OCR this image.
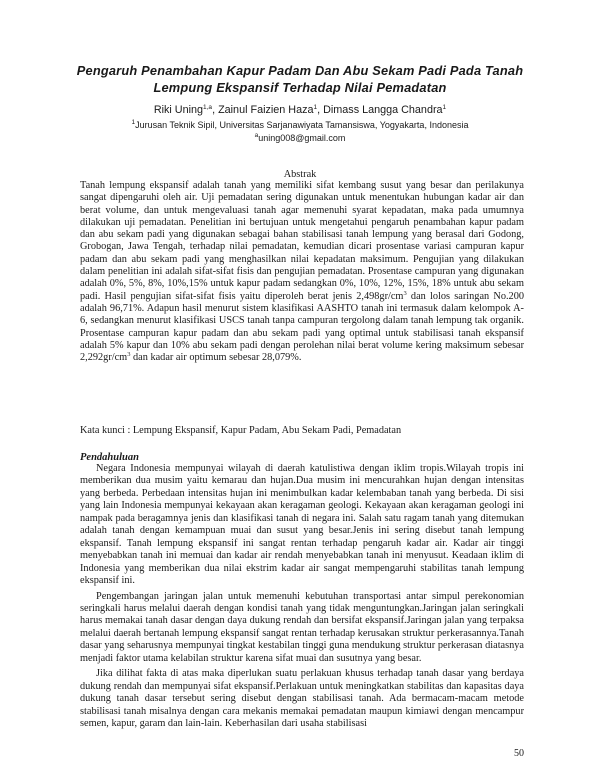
Pengaruh Penambahan Kapur Padam Dan Abu Sekam Padi Pada Tanah
Lempung Ekspansif Terhadap Nilai Pemadatan
Riki Uning$^{1,a}$, Zainul Faizien Haza$^1$, Dimass Langga Chandra$^1$
$^1$Jurusan Teknik Sipil, Universitas Sarjanawiyata Tamansiswa, Yogyakarta, Indonesia
$^a$uning008@gmail.com
Abstrak
Tanah lempung ekspansif adalah tanah yang memiliki sifat kembang susut yang besar dan perilakunya sangat dipengaruhi oleh air. Uji pemadatan sering digunakan untuk menentukan hubungan kadar air dan berat volume, dan untuk mengevaluasi tanah agar memenuhi syarat kepadatan, maka pada umumnya dilakukan uji pemadatan. Penelitian ini bertujuan untuk mengetahui pengaruh penambahan kapur padam dan abu sekam padi yang digunakan sebagai bahan stabilisasi tanah lempung yang berasal dari Godong, Grobogan, Jawa Tengah, terhadap nilai pemadatan, kemudian dicari prosentase variasi campuran kapur padam dan abu sekam padi yang menghasilkan nilai kepadatan maksimum. Pengujian yang dilakukan dalam penelitian ini adalah sifat-sifat fisis dan pengujian pemadatan. Prosentase campuran yang digunakan adalah 0%, 5%, 8%, 10%,15% untuk kapur padam sedangkan 0%, 10%, 12%, 15%, 18% untuk abu sekam padi. Hasil pengujian sifat-sifat fisis yaitu diperoleh berat jenis $2,498gr/cm^3$ dan lolos saringan No.200 adalah 96,71%. Adapun hasil menurut sistem klasifikasi AASHTO tanah ini termasuk dalam kelompok A-6, sedangkan menurut klasifikasi USCS tanah tanpa campuran tergolong dalam tanah lempung tak organik. Prosentase campuran kapur padam dan abu sekam padi yang optimal untuk stabilisasi tanah ekspansif adalah 5% kapur dan 10% abu sekam padi dengan perolehan nilai berat volume kering maksimum sebesar $2,292gr/cm^3$ dan kadar air optimum sebesar 28,079%.
Kata kunci : Lempung Ekspansif, Kapur Padam, Abu Sekam Padi, Pemadatan
Pendahuluan

Negara Indonesia mempunyai wilayah di daerah katulistiwa dengan iklim tropis.Wilayah tropis ini memberikan dua musim yaitu kemarau dan hujan.Dua musim ini mencurahkan hujan dengan intensitas yang berbeda. Perbedaan intensitas hujan ini menimbulkan kadar kelembaban tanah yang berbeda. Di sisi yang lain Indonesia mempunyai kekayaan akan keragaman geologi. Kekayaan akan keragaman geologi ini nampak pada beragamnya jenis dan klasifikasi tanah di negara ini. Salah satu ragam tanah yang ditemukan adalah tanah dengan kemampuan muai dan susut yang besar.Jenis ini sering disebut tanah lempung ekspansif. Tanah lempung ekspansif ini sangat rentan terhadap pengaruh kadar air. Kadar air tinggi menyebabkan tanah ini memuai dan kadar air rendah menyebabkan tanah ini menyusut. Keadaan iklim di Indonesia yang memberikan dua nilai ekstrim kadar air sangat mempengaruhi stabilitas tanah lempung ekspansif ini.

Pengembangan jaringan jalan untuk memenuhi kebutuhan transportasi antar simpul perekonomian seringkali harus melalui daerah dengan kondisi tanah yang tidak menguntungkan.Jaringan jalan seringkali harus memakai tanah dasar dengan daya dukung rendah dan bersifat ekspansif.Jaringan jalan yang terpaksa melalui daerah bertanah lempung ekspansif sangat rentan terhadap kerusakan struktur perkerasannya.Tanah dasar yang seharusnya mempunyai tingkat kestabilan tinggi guna mendukung struktur perkerasan diatasnya menjadi faktor utama kelabilan struktur karena sifat muai dan susutnya yang besar.

Jika dilihat fakta di atas maka diperlukan suatu perlakuan khusus terhadap tanah dasar yang berdaya dukung rendah dan mempunyai sifat ekspansif.Perlakuan untuk meningkatkan stabilitas dan kapasitas daya dukung tanah dasar tersebut sering disebut dengan stabilisasi tanah. Ada bermacam-macam metode stabilisasi tanah misalnya dengan cara mekanis memakai pemadatan maupun kimiawi dengan mencampur semen, kapur, garam dan lain-lain. Keberhasilan dari usaha stabilisasi

50
